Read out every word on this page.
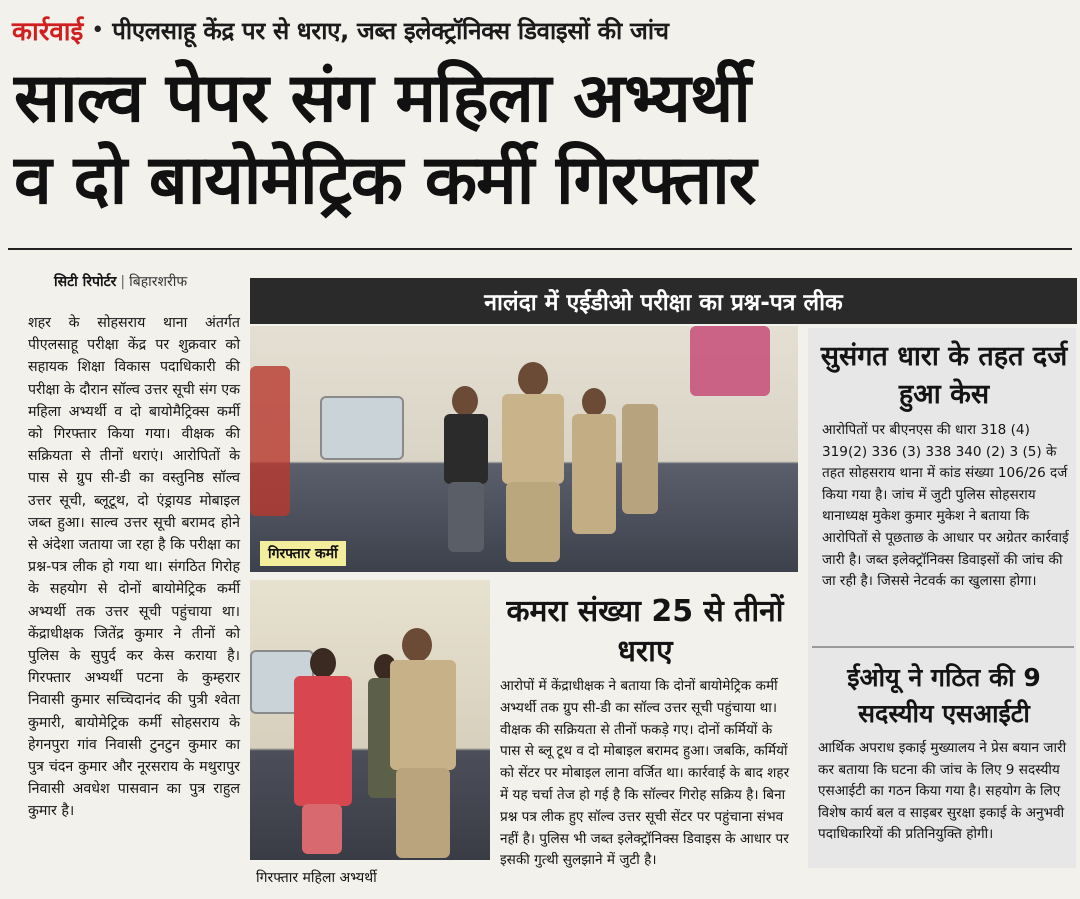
कार्रवाई • पीएलसाहू केंद्र पर से धराए, जब्त इलेक्ट्रॉनिक्स डिवाइसों की जांच
साल्व पेपर संग महिला अभ्यर्थी
व दो बायोमेट्रिक कर्मी गिरफ्तार
सिटी रिपोर्टर | बिहारशरीफ
शहर के सोहसराय थाना अंतर्गत पीएलसाहू परीक्षा केंद्र पर शुक्रवार को सहायक शिक्षा विकास पदाधिकारी की परीक्षा के दौरान सॉल्व उत्तर सूची संग एक महिला अभ्यर्थी व दो बायोमैट्रिक्स कर्मी को गिरफ्तार किया गया। वीक्षक की सक्रियता से तीनों धराएं। आरोपितों के पास से ग्रुप सी-डी का वस्तुनिष्ठ सॉल्व उत्तर सूची, ब्लूटूथ, दो एंड्रायड मोबाइल जब्त हुआ। साल्व उत्तर सूची बरामद होने से अंदेशा जताया जा रहा है कि परीक्षा का प्रश्न-पत्र लीक हो गया था। संगठित गिरोह के सहयोग से दोनों बायोमेट्रिक कर्मी अभ्यर्थी तक उत्तर सूची पहुंचाया था। केंद्राधीक्षक जितेंद्र कुमार ने तीनों को पुलिस के सुपुर्द कर केस कराया है। गिरफ्तार अभ्यर्थी पटना के कुम्हरार निवासी कुमार सच्चिदानंद की पुत्री श्वेता कुमारी, बायोमेट्रिक कर्मी सोहसराय के हेगनपुरा गांव निवासी टुनटुन कुमार का पुत्र चंदन कुमार और नूरसराय के मथुरापुर निवासी अवधेश पासवान का पुत्र राहुल कुमार है।
नालंदा में एईडीओ परीक्षा का प्रश्न-पत्र लीक
गिरफ्तार कर्मी
गिरफ्तार महिला अभ्यर्थी
कमरा संख्या 25 से तीनों धराए
आरोपों में केंद्राधीक्षक ने बताया कि दोनों बायोमेट्रिक कर्मी अभ्यर्थी तक ग्रुप सी-डी का सॉल्व उत्तर सूची पहुंचाया था। वीक्षक की सक्रियता से तीनों फकड़े गए। दोनों कर्मियों के पास से ब्लू टूथ व दो मोबाइल बरामद हुआ। जबकि, कर्मियों को सेंटर पर मोबाइल लाना वर्जित था। कार्रवाई के बाद शहर में यह चर्चा तेज हो गई है कि सॉल्वर गिरोह सक्रिय है। बिना प्रश्न पत्र लीक हुए सॉल्व उत्तर सूची सेंटर पर पहुंचाना संभव नहीं है। पुलिस भी जब्त इलेक्ट्रॉनिक्स डिवाइस के आधार पर इसकी गुत्थी सुलझाने में जुटी है।
सुसंगत धारा के तहत दर्ज हुआ केस
आरोपितों पर बीएनएस की धारा 318 (4) 319(2) 336 (3) 338 340 (2) 3 (5) के तहत सोहसराय थाना में कांड संख्या 106/26 दर्ज किया गया है। जांच में जुटी पुलिस सोहसराय थानाध्यक्ष मुकेश कुमार मुकेश ने बताया कि आरोपितों से पूछताछ के आधार पर अग्रेतर कार्रवाई जारी है। जब्त इलेक्ट्रॉनिक्स डिवाइसों की जांच की जा रही है। जिससे नेटवर्क का खुलासा होगा।
ईओयू ने गठित की 9 सदस्यीय एसआईटी
आर्थिक अपराध इकाई मुख्यालय ने प्रेस बयान जारी कर बताया कि घटना की जांच के लिए 9 सदस्यीय एसआईटी का गठन किया गया है। सहयोग के लिए विशेष कार्य बल व साइबर सुरक्षा इकाई के अनुभवी पदाधिकारियों की प्रतिनियुक्ति होगी।
